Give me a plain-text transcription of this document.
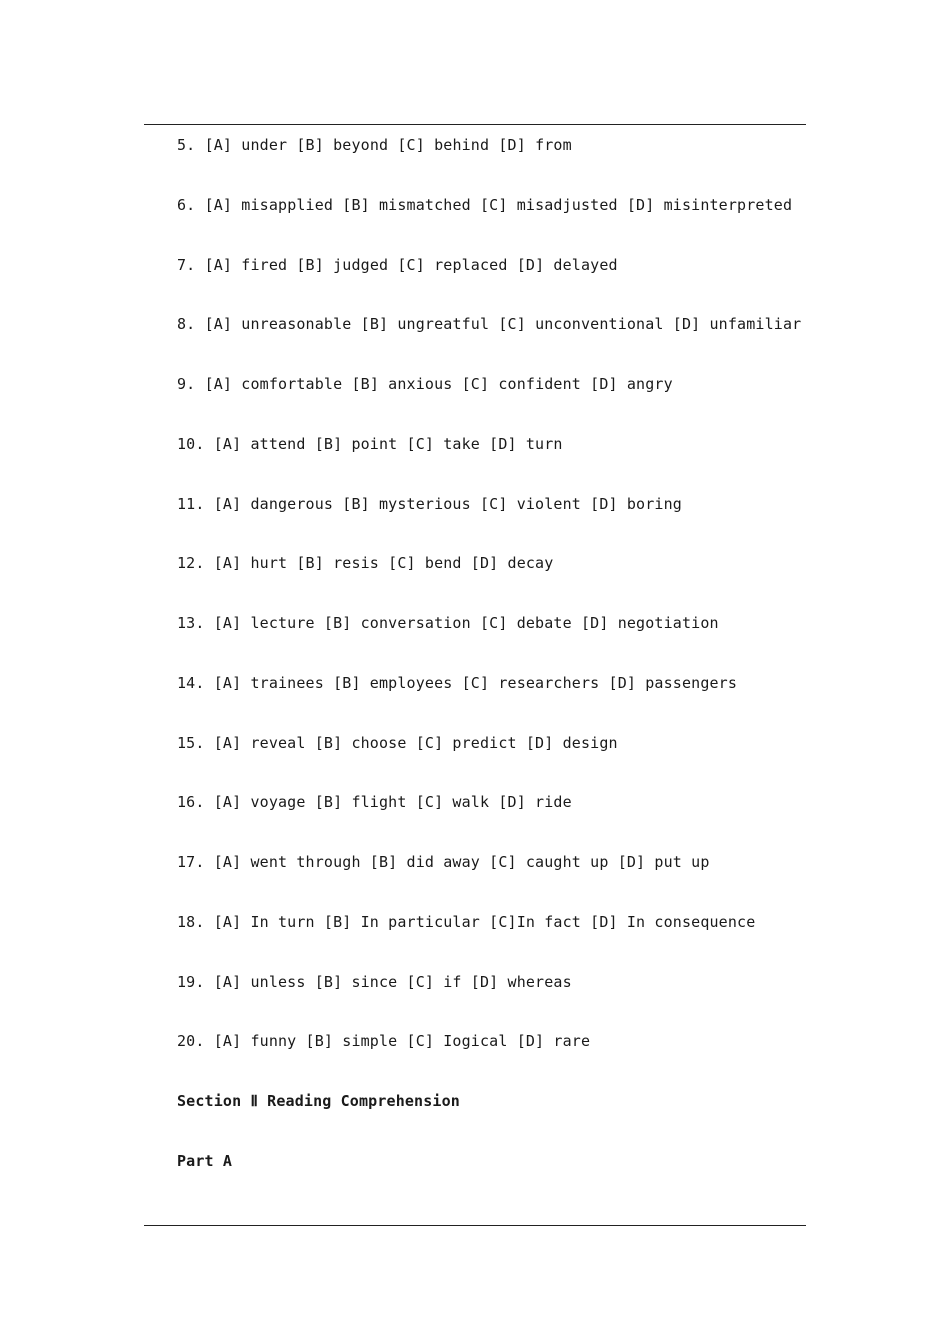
5. [A] under [B] beyond [C] behind [D] from
6. [A] misapplied [B] mismatched [C] misadjusted [D] misinterpreted
7. [A] fired [B] judged [C] replaced [D] delayed
8. [A] unreasonable [B] ungreatful [C] unconventional [D] unfamiliar
9. [A] comfortable [B] anxious [C] confident [D] angry
10. [A] attend [B] point [C] take [D] turn
11. [A] dangerous [B] mysterious [C] violent [D] boring
12. [A] hurt [B] resis [C] bend [D] decay
13. [A] lecture [B] conversation [C] debate [D] negotiation
14. [A] trainees [B] employees [C] researchers [D] passengers
15. [A] reveal [B] choose [C] predict [D] design
16. [A] voyage [B] flight [C] walk [D] ride
17. [A] went through [B] did away [C] caught up [D] put up
18. [A] In turn [B] In particular [C]In fact [D] In consequence
19. [A] unless [B] since [C] if [D] whereas
20. [A] funny [B] simple [C] Iogical [D] rare
Section Ⅱ Reading Comprehension
Part A
